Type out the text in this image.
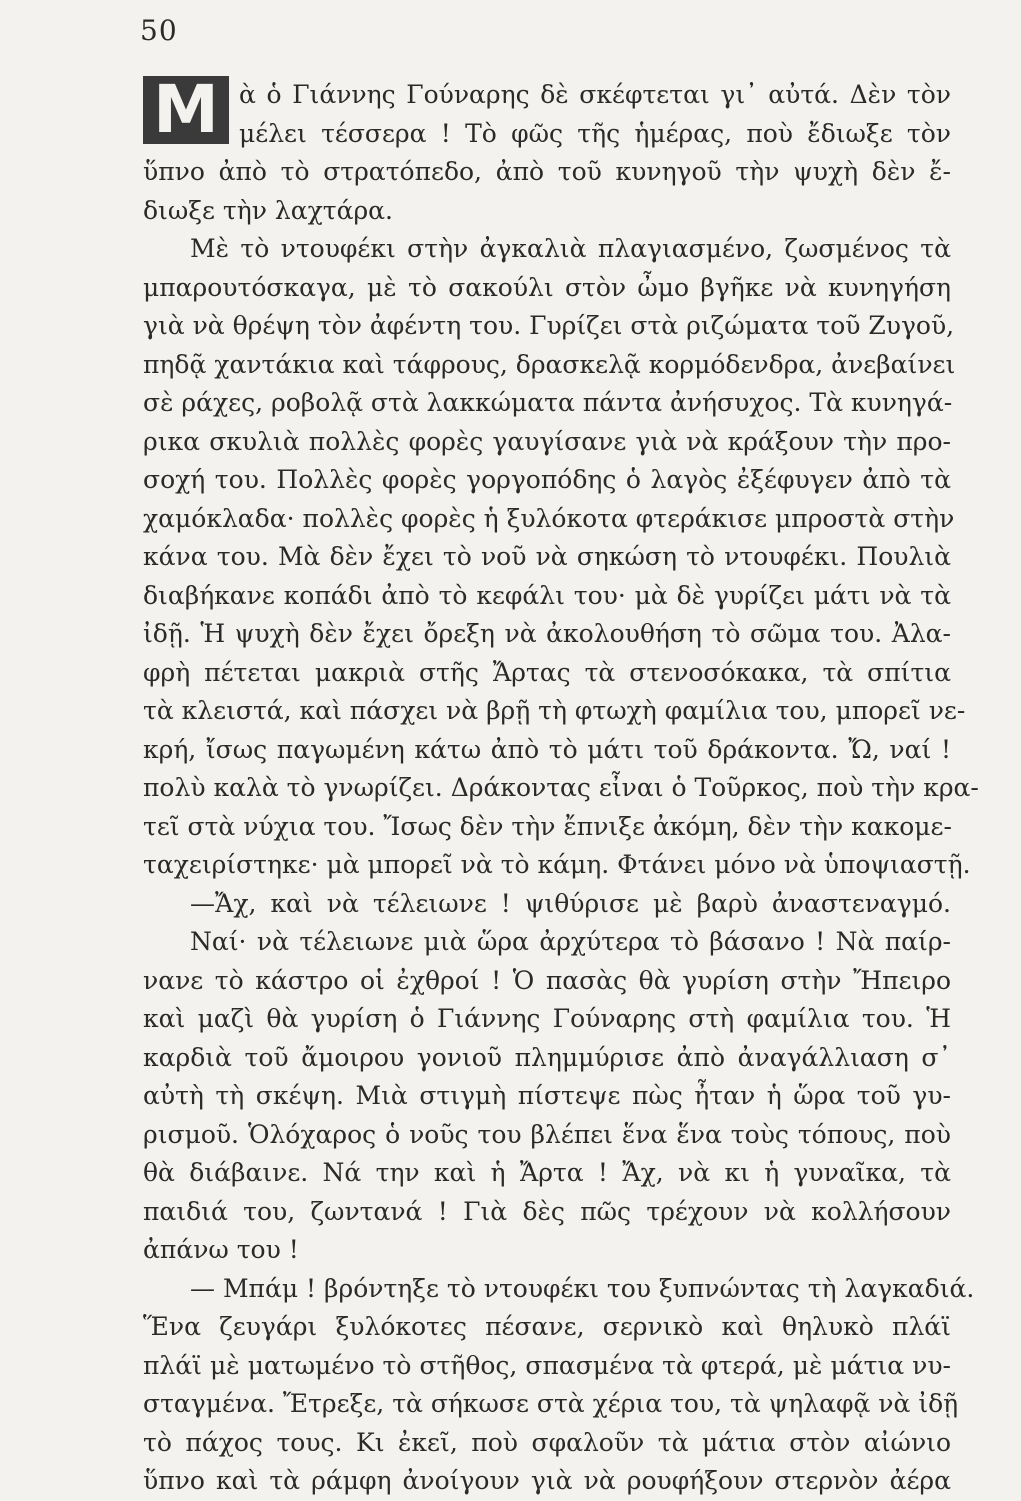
50
Μ ὰ ὁ Γιάννης Γούναρης δὲ σκέφτεται γι᾽ αὐτά. Δὲν τὸν
μέλει τέσσερα ! Τὸ φῶς τῆς ἡμέρας, ποὺ ἔδιωξε τὸν
ὕπνο ἀπὸ τὸ στρατόπεδο, ἀπὸ τοῦ κυνηγοῦ τὴν ψυχὴ δὲν ἔ-
διωξε τὴν λαχτάρα.
Μὲ τὸ ντουφέκι στὴν ἀγκαλιὰ πλαγιασμένο, ζωσμένος τὰ
μπαρουτόσκαγα, μὲ τὸ σακούλι στὸν ὦμο βγῆκε νὰ κυνηγήση
γιὰ νὰ θρέψη τὸν ἀφέντη του. Γυρίζει στὰ ριζώματα τοῦ Ζυγοῦ,
πηδᾷ χαντάκια καὶ τάφρους, δρασκελᾷ κορμόδενδρα, ἀνεβαίνει
σὲ ράχες, ροβολᾷ στὰ λακκώματα πάντα ἀνήσυχος. Τὰ κυνηγά-
ρικα σκυλιὰ πολλὲς φορὲς γαυγίσανε γιὰ νὰ κράξουν τὴν προ-
σοχή του. Πολλὲς φορὲς γοργοπόδης ὁ λαγὸς ἐξέφυγεν ἀπὸ τὰ
χαμόκλαδα· πολλὲς φορὲς ἡ ξυλόκοτα φτεράκισε μπροστὰ στὴν
κάνα του. Μὰ δὲν ἔχει τὸ νοῦ νὰ σηκώση τὸ ντουφέκι. Πουλιὰ
διαβήκανε κοπάδι ἀπὸ τὸ κεφάλι του· μὰ δὲ γυρίζει μάτι νὰ τὰ
ἰδῇ. Ἡ ψυχὴ δὲν ἔχει ὄρεξη νὰ ἀκολουθήση τὸ σῶμα του. Ἀλα-
φρὴ πέτεται μακριὰ στῆς Ἄρτας τὰ στενοσόκακα, τὰ σπίτια
τὰ κλειστά, καὶ πάσχει νὰ βρῇ τὴ φτωχὴ φαμίλια του, μπορεῖ νε-
κρή, ἴσως παγωμένη κάτω ἀπὸ τὸ μάτι τοῦ δράκοντα. Ὤ, ναί !
πολὺ καλὰ τὸ γνωρίζει. Δράκοντας εἶναι ὁ Τοῦρκος, ποὺ τὴν κρα-
τεῖ στὰ νύχια του. Ἴσως δὲν τὴν ἔπνιξε ἀκόμη, δὲν τὴν κακομε-
ταχειρίστηκε· μὰ μπορεῖ νὰ τὸ κάμη. Φτάνει μόνο νὰ ὑποψιαστῇ.
—Ἄχ, καὶ νὰ τέλειωνε ! ψιθύρισε μὲ βαρὺ ἀναστεναγμό.
Ναί· νὰ τέλειωνε μιὰ ὥρα ἀρχύτερα τὸ βάσανο ! Νὰ παίρ-
νανε τὸ κάστρο οἱ ἐχθροί ! Ὁ πασὰς θὰ γυρίση στὴν Ἤπειρο
καὶ μαζὶ θὰ γυρίση ὁ Γιάννης Γούναρης στὴ φαμίλια του. Ἡ
καρδιὰ τοῦ ἄμοιρου γονιοῦ πλημμύρισε ἀπὸ ἀναγάλλιαση σ᾽
αὐτὴ τὴ σκέψη. Μιὰ στιγμὴ πίστεψε πὼς ἦταν ἡ ὥρα τοῦ γυ-
ρισμοῦ. Ὁλόχαρος ὁ νοῦς του βλέπει ἕνα ἕνα τοὺς τόπους, ποὺ
θὰ διάβαινε. Νά την καὶ ἡ Ἄρτα ! Ἄχ, νὰ κι ἡ γυναῖκα, τὰ
παιδιά του, ζωντανά ! Γιὰ δὲς πῶς τρέχουν νὰ κολλήσουν
ἀπάνω του !
— Μπάμ ! βρόντηξε τὸ ντουφέκι του ξυπνώντας τὴ λαγκαδιά.
Ἕνα ζευγάρι ξυλόκοτες πέσανε, σερνικὸ καὶ θηλυκὸ πλάϊ
πλάϊ μὲ ματωμένο τὸ στῆθος, σπασμένα τὰ φτερά, μὲ μάτια νυ-
σταγμένα. Ἔτρεξε, τὰ σήκωσε στὰ χέρια του, τὰ ψηλαφᾷ νὰ ἰδῇ
τὸ πάχος τους. Κι ἐκεῖ, ποὺ σφαλοῦν τὰ μάτια στὸν αἰώνιο
ὕπνο καὶ τὰ ράμφη ἀνοίγουν γιὰ νὰ ρουφήξουν στερνὸν ἀέρα
